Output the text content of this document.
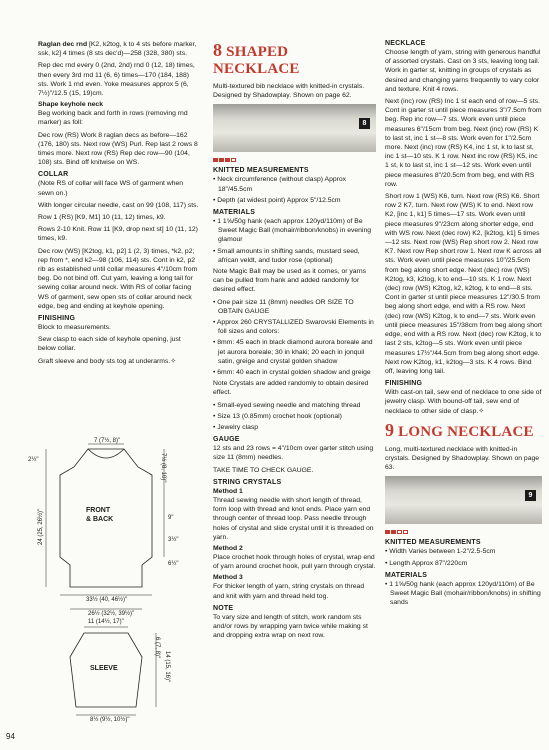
Raglan dec rnd [K2, k2tog, k to 4 sts before marker, ssk, k2] 4 times (8 sts dec'd)—258 (328, 380) sts.

Rep dec rnd every 0 (2nd, 2nd) rnd 0 (12, 18) times, then every 3rd rnd 11 (6, 6) times—170 (184, 188) sts. Work 1 rnd even. Yoke measures approx 5 (6, 7½)"/12.5 (15, 19)cm.

Shape keyhole neck

Beg working back and forth in rows (removing rnd marker) as foll:

Dec row (RS) Work 8 raglan decs as before—162 (176, 180) sts. Next row (WS) Purl. Rep last 2 rows 8 times more. Next row (RS) Rep dec row—90 (104, 108) sts. Bind off knitwise on WS.

COLLAR

(Note RS of collar will face WS of garment when sewn on.)

With longer circular needle, cast on 99 (108, 117) sts.

Row 1 (RS) [K9, M1] 10 (11, 12) times, k9.

Rows 2-10 Knit. Row 11 [K9, drop next st] 10 (11, 12) times, k9.

Dec row (WS) [K2tog, k1, p2] 1 (2, 3) times, *k2, p2; rep from *, end k2—98 (106, 114) sts. Cont in k2, p2 rib as established until collar measures 4"/10cm from beg. Do not bind off. Cut yarn, leaving a long tail for sewing collar around neck. With RS of collar facing WS of garment, sew open sts of collar around neck edge, beg and ending at keyhole opening.

FINISHING

Block to measurements.

Sew clasp to each side of keyhole opening, just below collar.

Graft sleeve and body sts tog at underarms.✧

7 (7½, 8)"
2½"	7½ (8, 10)"
FRONT
& BACK
24 (25, 26½)"	9"
3½"
6½"
33½ (40, 46½)"
26½ (32½, 39½)"
11 (14½, 17)"
SLEEVE
6 (7, 8)"
14 (15, 16)"
8½ (9½, 10½)"
8 SHAPED NECKLACE

Multi-textured bib necklace with knitted-in crystals. Designed by Shadowplay. Shown on page 62.

8
KNITTED MEASUREMENTS

• Neck circumference (without clasp) Approx 18"/45.5cm

• Depth (at widest point) Approx 5"/12.5cm

MATERIALS

• 1 1⅝/50g hank (each approx 120yd/110m) of Be Sweet Magic Ball (mohair/ribbon/knobs) in evening glamour

• Small amounts in shifting sands, mustard seed, african veldt, and tudor rose (optional)

Note Magic Ball may be used as it comes, or yarns can be pulled from hank and added randomly for desired effect.

• One pair size 11 (8mm) needles OR SIZE TO OBTAIN GAUGE

• Approx 260 CRYSTALLIZED Swarovski Elements in foll sizes and colors:

• 8mm: 45 each in black diamond aurora boreale and jet aurora boreale; 30 in khaki; 20 each in jonquil satin, greige and crystal golden shadow

• 6mm: 40 each in crystal golden shadow and greige

Note Crystals are added randomly to obtain desired effect.

• Small-eyed sewing needle and matching thread

• Size 13 (0.85mm) crochet hook (optional)

• Jewelry clasp

GAUGE

12 sts and 23 rows = 4"/10cm over garter stitch using size 11 (8mm) needles.

TAKE TIME TO CHECK GAUGE.

STRING CRYSTALS
Method 1

Thread sewing needle with short length of thread, form loop with thread and knot ends. Place yarn end through center of thread loop. Pass needle through holes of crystal and slide crystal until it is threaded on yarn.

Method 2

Place crochet hook through holes of crystal, wrap end of yarn around crochet hook, pull yarn through crystal.

Method 3

For thicker length of yarn, string crystals on thread and knit with yarn and thread held tog.

NOTE

To vary size and length of stitch, work random sts and/or rows by wrapping yarn twice while making st and dropping extra wrap on next row.

NECKLACE

Choose length of yarn, string with generous handful of assorted crystals. Cast on 3 sts, leaving long tail. Work in garter st, knitting in groups of crystals as desired and changing yarns frequently to vary color and texture. Knit 4 rows.

Next (inc) row (RS) Inc 1 st each end of row—5 sts. Cont in garter st until piece measures 3"/7.5cm from beg. Rep inc row—7 sts. Work even until piece measures 6"/15cm from beg. Next (inc) row (RS) K to last st, inc 1 st—8 sts. Work even for 1"/2.5cm more. Next (inc) row (RS) K4, inc 1 st, k to last st, inc 1 st—10 sts. K 1 row. Next inc row (RS) K5, inc 1 st, k to last st, inc 1 st—12 sts. Work even until piece measures 8"/20.5cm from beg, end with RS row.

Short row 1 (WS) K6, turn. Next row (RS) K6. Short row 2 K7, turn. Next row (WS) K to end. Next row K2, [inc 1, k1] 5 times—17 sts. Work even until piece measures 9"/23cm along shorter edge, end with WS row. Next (dec row) K2, [k2tog, k1] 5 times—12 sts. Next row (WS) Rep short row 2. Next row K7. Next row Rep short row 1. Next row K across all sts. Work even until piece measures 10"/25.5cm from beg along short edge. Next (dec) row (WS) K2tog, k3, k2tog, k to end—10 sts. K 1 row. Next (dec) row (WS) K2tog, k2, k2tog, k to end—8 sts. Cont in garter st until piece measures 12"/30.5 from beg along short edge, end with a RS row. Next (dec) row (WS) K2tog, k to end—7 sts. Work even until piece measures 15"/38cm from beg along short edge, end with a RS row. Next (dec) row K2tog, k to last 2 sts, k2tog—5 sts. Work even until piece measures 17½"/44.5cm from beg along short edge. Next row K2tog, k1, k2tog—3 sts. K 4 rows. Bind off, leaving long tail.

FINISHING

With cast-on tail, sew end of necklace to one side of jewelry clasp. With bound-off tail, sew end of necklace to other side of clasp.✧

9 LONG NECKLACE

Long, multi-textured necklace with knitted-in crystals. Designed by Shadowplay. Shown on page 63.

9
KNITTED MEASUREMENTS

• Width Varies between 1-2"/2.5-5cm

• Length Approx 87"/220cm

MATERIALS

• 1 1⅝/50g hank (each approx 120yd/110m) of Be Sweet Magic Ball (mohair/ribbon/knobs) in shifting sands

94
